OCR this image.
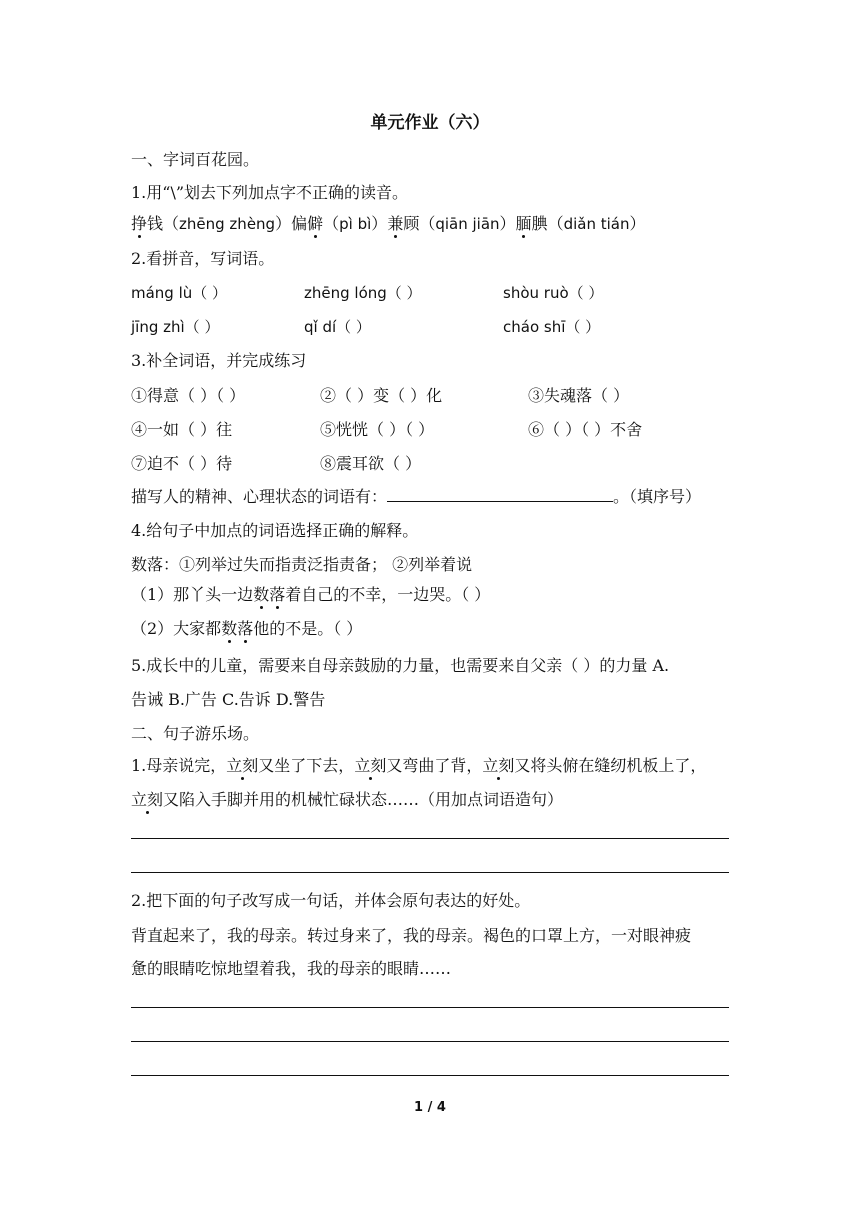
单元作业（六）
一、字词百花园。
1.用“\”划去下列加点字不正确的读音。
挣钱（zhēng zhèng）偏僻（pì bì）兼顾（qiān jiān）腼腆（diǎn tián）
2.看拼音，写词语。
máng lù（ ）	zhēng lóng（ ）	shòu ruò（ ）
jīng zhì（ ）	qǐ dí（ ）	cháo shī（ ）
3.补全词语，并完成练习
①得意（ ）（ ）	②（ ）变（ ）化	③失魂落（ ）
④一如（ ）往	⑤恍恍（ ）（ ）	⑥（ ）（ ）不舍
⑦迫不（ ）待	⑧震耳欲（ ）
描写人的精神、心理状态的词语有：	。（填序号）
4.给句子中加点的词语选择正确的解释。
数落：①列举过失而指责泛指责备； ②列举着说
（1）那丫头一边数落着自己的不幸，一边哭。（ ）
（2）大家都数落他的不是。（ ）
5.成长中的儿童，需要来自母亲鼓励的力量，也需要来自父亲（ ）的力量 A.
告诫 B.广告 C.告诉 D.警告
二、句子游乐场。
1.母亲说完，立刻又坐了下去，立刻又弯曲了背，立刻又将头俯在缝纫机板上了，
立刻又陷入手脚并用的机械忙碌状态……（用加点词语造句）
2.把下面的句子改写成一句话，并体会原句表达的好处。
背直起来了，我的母亲。转过身来了，我的母亲。褐色的口罩上方，一对眼神疲
惫的眼睛吃惊地望着我，我的母亲的眼睛……
1 / 4
